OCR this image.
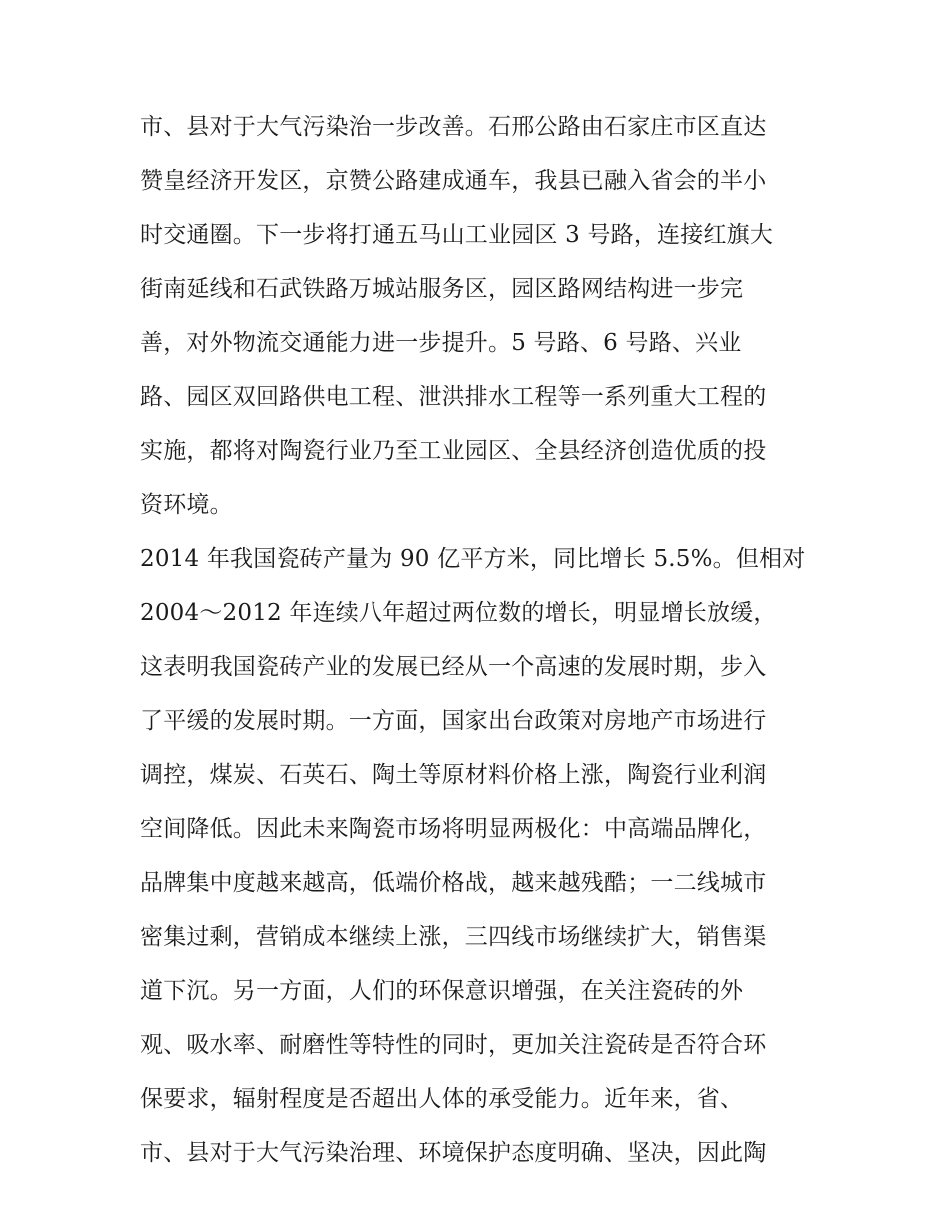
市、县对于大气污染治一步改善。石邢公路由石家庄市区直达
赞皇经济开发区，京赞公路建成通车，我县已融入省会的半小
时交通圈。下一步将打通五马山工业园区 3 号路，连接红旗大
街南延线和石武铁路万城站服务区，园区路网结构进一步完
善，对外物流交通能力进一步提升。5 号路、6 号路、兴业
路、园区双回路供电工程、泄洪排水工程等一系列重大工程的
实施，都将对陶瓷行业乃至工业园区、全县经济创造优质的投
资环境。
2014 年我国瓷砖产量为 90 亿平方米，同比增长 5.5%。但相对
2004～2012 年连续八年超过两位数的增长，明显增长放缓，
这表明我国瓷砖产业的发展已经从一个高速的发展时期，步入
了平缓的发展时期。一方面，国家出台政策对房地产市场进行
调控，煤炭、石英石、陶土等原材料价格上涨，陶瓷行业利润
空间降低。因此未来陶瓷市场将明显两极化：中高端品牌化，
品牌集中度越来越高，低端价格战，越来越残酷；一二线城市
密集过剩，营销成本继续上涨，三四线市场继续扩大，销售渠
道下沉。另一方面，人们的环保意识增强，在关注瓷砖的外
观、吸水率、耐磨性等特性的同时，更加关注瓷砖是否符合环
保要求，辐射程度是否超出人体的承受能力。近年来，省、
市、县对于大气污染治理、环境保护态度明确、坚决，因此陶
